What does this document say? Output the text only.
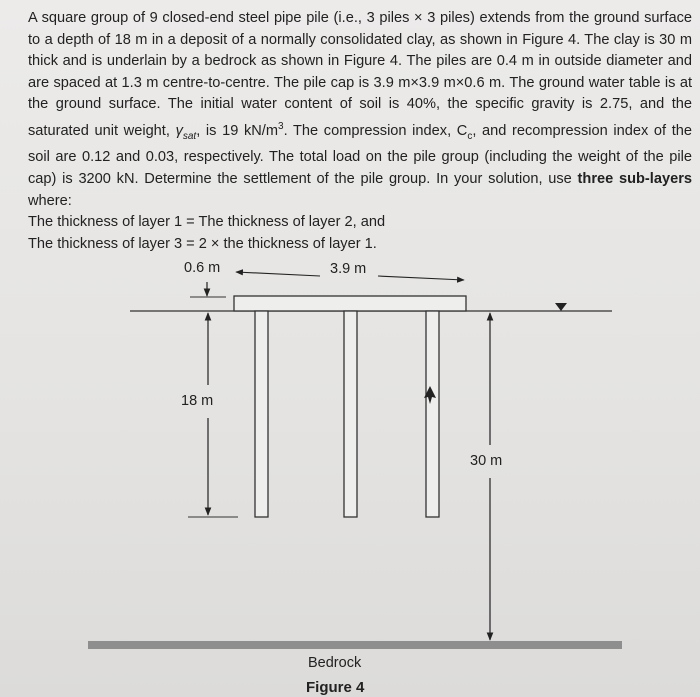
A square group of 9 closed-end steel pipe pile (i.e., 3 piles × 3 piles) extends from the ground surface to a depth of 18 m in a deposit of a normally consolidated clay, as shown in Figure 4. The clay is 30 m thick and is underlain by a bedrock as shown in Figure 4. The piles are 0.4 m in outside diameter and are spaced at 1.3 m centre-to-centre. The pile cap is 3.9 m×3.9 m×0.6 m. The ground water table is at the ground surface. The initial water content of soil is 40%, the specific gravity is 2.75, and the saturated unit weight, $\gamma_{sat}$, is 19 $kN/m^3$. The compression index, $C_c$, and recompression index of the soil are 0.12 and 0.03, respectively. The total load on the pile group (including the weight of the pile cap) is 3200 kN. Determine the settlement of the pile group. In your solution, use three sub-layers where:

The thickness of layer 1 = The thickness of layer 2, and

The thickness of layer 3 = 2 × the thickness of layer 1.

0.6 m	3.9 m
18 m
30 m
Bedrock
Figure 4
